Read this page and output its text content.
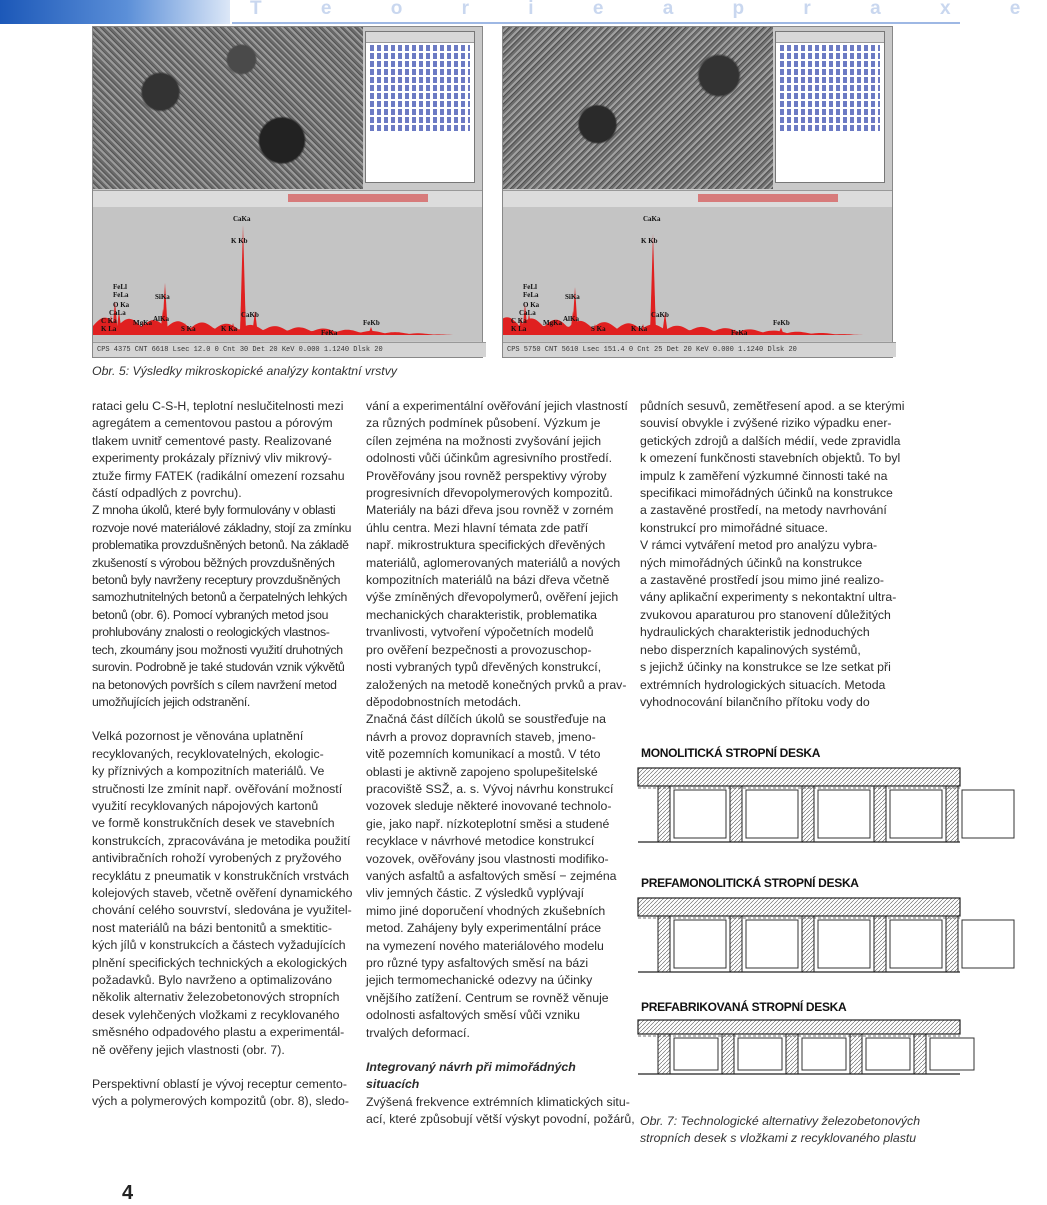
T e o r i e a p r a x e
CaKa
K Kb
FeLl
FeLa
O Ka
CaLa
C Ka
K La
MgKa AlKa
SiKa
S Ka	K Ka
CaKb
FeKa
FeKb
CPS 4375 CNT 6618 Lsec 12.0 0 Cnt 30 Det 20 KeV 0.000 1.1240 Dlsk 20
CaKa
K Kb
FeLl
FeLa
O Ka
CaLa
C Ka
K La
MgKa AlKa
SiKa
S Ka	K Ka
CaKb
FeKa
FeKb
CPS 5750 CNT 5610 Lsec 151.4 0 Cnt 25 Det 20 KeV 0.000 1.1240 Dlsk 20
Obr. 5: Výsledky mikroskopické analýzy kontaktní vrstvy
rataci gelu C-S-H, teplotní neslučitelnosti mezi
agregátem a cementovou pastou a pórovým
tlakem uvnitř cementové pasty. Realizované
experimenty prokázaly příznivý vliv mikrový-
ztuže firmy FATEK (radikální omezení rozsahu
částí odpadlých z povrchu).
Z mnoha úkolů, které byly formulovány v oblasti
rozvoje nové materiálové základny, stojí za zmínku
problematika provzdušněných betonů. Na základě
zkušeností s výrobou běžných provzdušněných
betonů byly navrženy receptury provzdušněných
samozhutnitelných betonů a čerpatelných lehkých
betonů (obr. 6). Pomocí vybraných metod jsou
prohlubovány znalosti o reologických vlastnos-
tech, zkoumány jsou možnosti využití druhotných
surovin. Podrobně je také studován vznik výkvětů
na betonových površích s cílem navržení metod
umožňujících jejich odstranění.
Velká pozornost je věnována uplatnění
recyklovaných, recyklovatelných, ekologic-
ky příznivých a kompozitních materiálů. Ve
stručnosti lze zmínit např. ověřování možností
využití recyklovaných nápojových kartonů
ve formě konstrukčních desek ve stavebních
konstrukcích, zpracovávána je metodika použití
antivibračních rohoží vyrobených z pryžového
recyklátu z pneumatik v konstrukčních vrstvách
kolejových staveb, včetně ověření dynamického
chování celého souvrství, sledována je využitel-
nost materiálů na bázi bentonitů a smektitic-
kých jílů v konstrukcích a částech vyžadujících
plnění specifických technických a ekologických
požadavků. Bylo navrženo a optimalizováno
několik alternativ železobetonových stropních
desek vylehčených vložkami z recyklovaného
směsného odpadového plastu a experimentál-
ně ověřeny jejich vlastnosti (obr. 7).
Perspektivní oblastí je vývoj receptur cemento-
vých a polymerových kompozitů (obr. 8), sledo-
vání a experimentální ověřování jejich vlastností
za různých podmínek působení. Výzkum je
cílen zejména na možnosti zvyšování jejich
odolnosti vůči účinkům agresivního prostředí.
Prověřovány jsou rovněž perspektivy výroby
progresivních dřevopolymerových kompozitů.
Materiály na bázi dřeva jsou rovněž v zorném
úhlu centra. Mezi hlavní témata zde patří
např. mikrostruktura specifických dřevěných
materiálů, aglomerovaných materiálů a nových
kompozitních materiálů na bázi dřeva včetně
výše zmíněných dřevopolymerů, ověření jejich
mechanických charakteristik, problematika
trvanlivosti, vytvoření výpočetních modelů
pro ověření bezpečnosti a provozuschop-
nosti vybraných typů dřevěných konstrukcí,
založených na metodě konečných prvků a prav-
děpodobnostních metodách.
Značná část dílčích úkolů se soustřeďuje na
návrh a provoz dopravních staveb, jmeno-
vitě pozemních komunikací a mostů. V této
oblasti je aktivně zapojeno spolupešitelské
pracoviště SSŽ, a. s. Vývoj návrhu konstrukcí
vozovek sleduje některé inovované technolo-
gie, jako např. nízkoteplotní směsi a studené
recyklace v návrhové metodice konstrukcí
vozovek, ověřovány jsou vlastnosti modifiko-
vaných asfaltů a asfaltových směsí − zejména
vliv jemných částic. Z výsledků vyplývají
mimo jiné doporučení vhodných zkušebních
metod. Zahájeny byly experimentální práce
na vymezení nového materiálového modelu
pro různé typy asfaltových směsí na bázi
jejich termomechanické odezvy na účinky
vnějšího zatížení. Centrum se rovněž věnuje
odolnosti asfaltových směsí vůči vzniku
trvalých deformací.

Integrovaný návrh při mimořádných situacích

Zvýšená frekvence extrémních klimatických situ-
ací, které způsobují větší výskyt povodní, požárů,
půdních sesuvů, zemětřesení apod. a se kterými
souvisí obvykle i zvýšené riziko výpadku ener-
getických zdrojů a dalších médií, vede zpravidla
k omezení funkčnosti stavebních objektů. To byl
impulz k zaměření výzkumné činnosti také na
specifikaci mimořádných účinků na konstrukce
a zastavěné prostředí, na metody navrhování
konstrukcí pro mimořádné situace.
V rámci vytváření metod pro analýzu vybra-
ných mimořádných účinků na konstrukce
a zastavěné prostředí jsou mimo jiné realizo-
vány aplikační experimenty s nekontaktní ultra-
zvukovou aparaturou pro stanovení důležitých
hydraulických charakteristik jednoduchých
nebo disperzních kapalinových systémů,
s jejichž účinky na konstrukce se lze setkat při
extrémních hydrologických situacích. Metoda
vyhodnocování bilančního přítoku vody do
MONOLITICKÁ STROPNÍ DESKA
PREFAMONOLITICKÁ STROPNÍ DESKA
PREFABRIKOVANÁ STROPNÍ DESKA
Obr. 7: Technologické alternativy železobetonových
stropních desek s vložkami z recyklovaného plastu
4
